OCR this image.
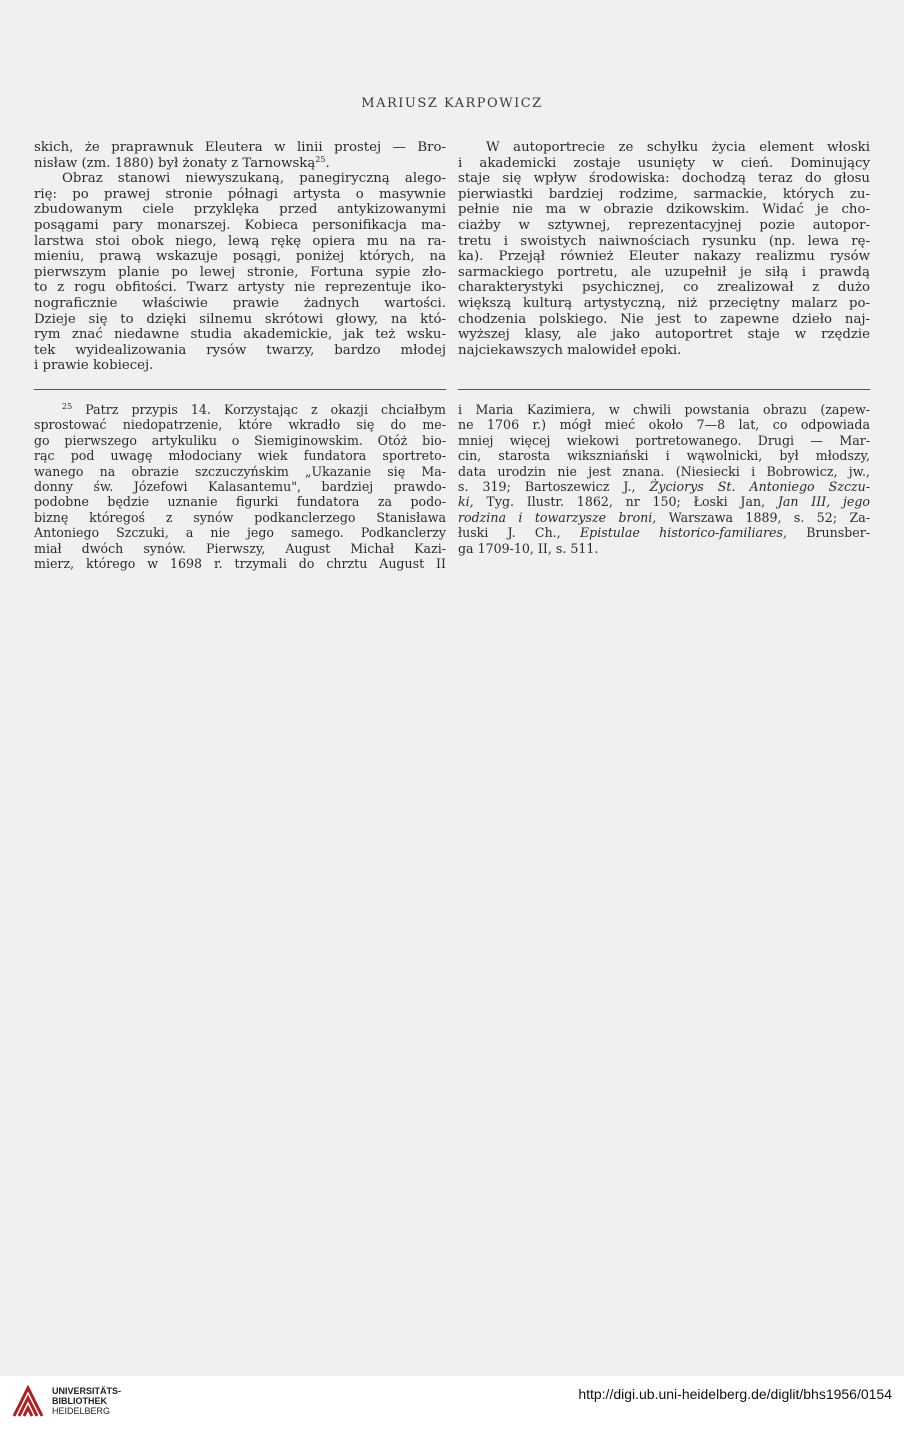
MARIUSZ KARPOWICZ
skich, że praprawnuk Eleutera w linii prostej — Bro-
nisław (zm. 1880) był żonaty z Tarnowską$^{25}$.
Obraz stanowi niewyszukaną, panegiryczną alego-
rię: po prawej stronie półnagi artysta o masywnie
zbudowanym ciele przyklęka przed antykizowanymi
posągami pary monarszej. Kobieca personifikacja ma-
larstwa stoi obok niego, lewą rękę opiera mu na ra-
mieniu, prawą wskazuje posągi, poniżej których, na
pierwszym planie po lewej stronie, Fortuna sypie zło-
to z rogu obfitości. Twarz artysty nie reprezentuje iko-
nograficznie właściwie prawie żadnych wartości.
Dzieje się to dzięki silnemu skrótowi głowy, na któ-
rym znać niedawne studia akademickie, jak też wsku-
tek wyidealizowania rysów twarzy, bardzo młodej
i prawie kobiecej.
W autoportrecie ze schyłku życia element włoski
i akademicki zostaje usunięty w cień. Dominujący
staje się wpływ środowiska: dochodzą teraz do głosu
pierwiastki bardziej rodzime, sarmackie, których zu-
pełnie nie ma w obrazie dzikowskim. Widać je cho-
ciażby w sztywnej, reprezentacyjnej pozie autopor-
tretu i swoistych naiwnościach rysunku (np. lewa rę-
ka). Przejął również Eleuter nakazy realizmu rysów
sarmackiego portretu, ale uzupełnił je siłą i prawdą
charakterystyki psychicznej, co zrealizował z dużo
większą kulturą artystyczną, niż przeciętny malarz po-
chodzenia polskiego. Nie jest to zapewne dzieło naj-
wyższej klasy, ale jako autoportret staje w rzędzie
najciekawszych malowideł epoki.
$^{25}$ Patrz przypis 14. Korzystając z okazji chciałbym
sprostować niedopatrzenie, które wkradło się do me-
go pierwszego artykuliku o Siemiginowskim. Otóż bio-
rąc pod uwagę młodociany wiek fundatora sportreto-
wanego na obrazie szczuczyńskim „Ukazanie się Ma-
donny św. Józefowi Kalasantemu", bardziej prawdo-
podobne będzie uznanie figurki fundatora za podo-
biznę któregoś z synów podkanclerzego Stanisława
Antoniego Szczuki, a nie jego samego. Podkanclerzy
miał dwóch synów. Pierwszy, August Michał Kazi-
mierz, którego w 1698 r. trzymali do chrztu August II
i Maria Kazimiera, w chwili powstania obrazu (zapew-
ne 1706 r.) mógł mieć około 7—8 lat, co odpowiada
mniej więcej wiekowi portretowanego. Drugi — Mar-
cin, starosta wikszniański i wąwolnicki, był młodszy,
data urodzin nie jest znana. (Niesiecki i Bobrowicz, jw.,
s. 319; Bartoszewicz J., Życiorys St. Antoniego Szczu-
ki, Tyg. Ilustr. 1862, nr 150; Łoski Jan, Jan III, jego
rodzina i towarzysze broni, Warszawa 1889, s. 52; Za-
łuski J. Ch., Epistulae historico-familiares, Brunsber-
ga 1709-10, II, s. 511.
UNIVERSITÄTS-
BIBLIOTHEK
HEIDELBERG
http://digi.ub.uni-heidelberg.de/diglit/bhs1956/0154
